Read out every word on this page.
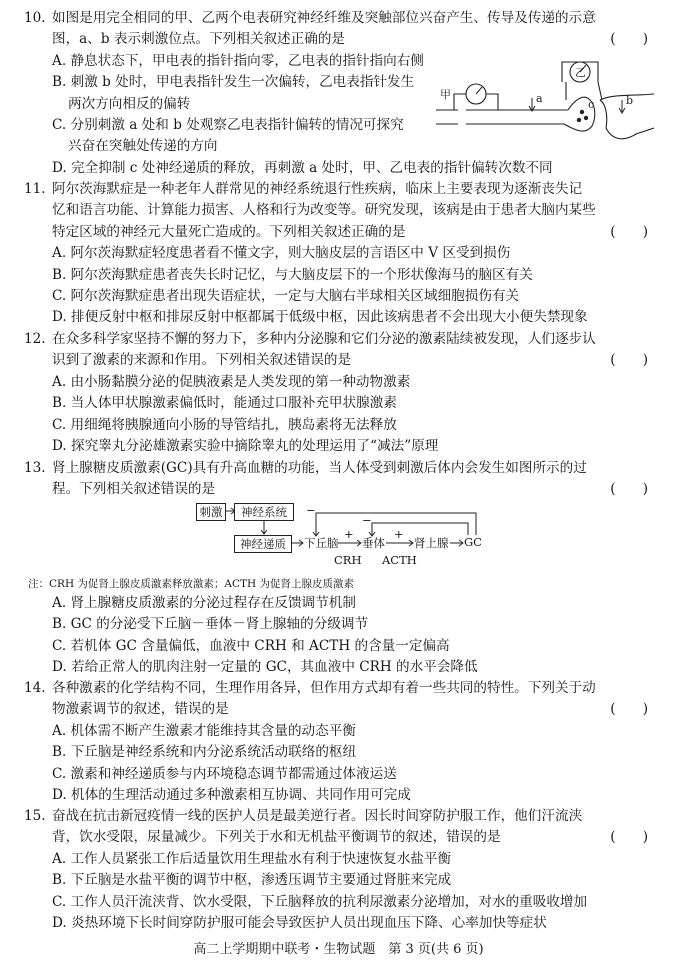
10. 如图是用完全相同的甲、乙两个电表研究神经纤维及突触部位兴奋产生、传导及传递的示意
图，a、b 表示刺激位点。下列相关叙述正确的是	(　　)
A. 静息状态下，甲电表的指针指向零，乙电表的指针指向右侧
B. 刺激 b 处时，甲电表指针发生一次偏转，乙电表指针发生
两次方向相反的偏转
C. 分别刺激 a 处和 b 处观察乙电表指针偏转的情况可探究
兴奋在突触处传递的方向
D. 完全抑制 c 处神经递质的释放，再刺激 a 处时，甲、乙电表的指针偏转次数不同
甲
乙
a	b
c
11. 阿尔茨海默症是一种老年人群常见的神经系统退行性疾病，临床上主要表现为逐渐丧失记
忆和语言功能、计算能力损害、人格和行为改变等。研究发现，该病是由于患者大脑内某些
特定区域的神经元大量死亡造成的。下列相关叙述正确的是	(　　)
A. 阿尔茨海默症轻度患者看不懂文字，则大脑皮层的言语区中 V 区受到损伤
B. 阿尔茨海默症患者丧失长时记忆，与大脑皮层下的一个形状像海马的脑区有关
C. 阿尔茨海默症患者出现失语症状，一定与大脑右半球相关区域细胞损伤有关
D. 排便反射中枢和排尿反射中枢都属于低级中枢，因此该病患者不会出现大小便失禁现象
12. 在众多科学家坚持不懈的努力下，多种内分泌腺和它们分泌的激素陆续被发现，人们逐步认
识到了激素的来源和作用。下列相关叙述错误的是	(　　)
A. 由小肠黏膜分泌的促胰液素是人类发现的第一种动物激素
B. 当人体甲状腺激素偏低时，能通过口服补充甲状腺激素
C. 用细绳将胰腺通向小肠的导管结扎，胰岛素将无法释放
D. 探究睾丸分泌雄激素实验中摘除睾丸的处理运用了“减法”原理
13. 肾上腺糖皮质激素(GC)具有升高血糖的功能，当人体受到刺激后体内会发生如图所示的过
程。下列相关叙述错误的是	(　　)
刺激	神经系统
神经递质	下丘脑 垂体	肾上腺 GC
CRH ACTH
+	+
−
−
注：CRH 为促肾上腺皮质激素释放激素；ACTH 为促肾上腺皮质激素
A. 肾上腺糖皮质激素的分泌过程存在反馈调节机制
B. GC 的分泌受下丘脑－垂体－肾上腺轴的分级调节
C. 若机体 GC 含量偏低，血液中 CRH 和 ACTH 的含量一定偏高
D. 若给正常人的肌肉注射一定量的 GC，其血液中 CRH 的水平会降低
14. 各种激素的化学结构不同，生理作用各异，但作用方式却有着一些共同的特性。下列关于动
物激素调节的叙述，错误的是	(　　)
A. 机体需不断产生激素才能维持其含量的动态平衡
B. 下丘脑是神经系统和内分泌系统活动联络的枢纽
C. 激素和神经递质参与内环境稳态调节都需通过体液运送
D. 机体的生理活动通过多种激素相互协调、共同作用可完成
15. 奋战在抗击新冠疫情一线的医护人员是最美逆行者。因长时间穿防护服工作，他们汗流浃
背，饮水受限，尿量减少。下列关于水和无机盐平衡调节的叙述，错误的是	(　　)
A. 工作人员紧张工作后适量饮用生理盐水有利于快速恢复水盐平衡
B. 下丘脑是水盐平衡的调节中枢，渗透压调节主要通过肾脏来完成
C. 工作人员汗流浃背、饮水受限，下丘脑释放的抗利尿激素分泌增加，对水的重吸收增加
D. 炎热环境下长时间穿防护服可能会导致医护人员出现血压下降、心率加快等症状
高二上学期期中联考・生物试题　第 3 页(共 6 页)
